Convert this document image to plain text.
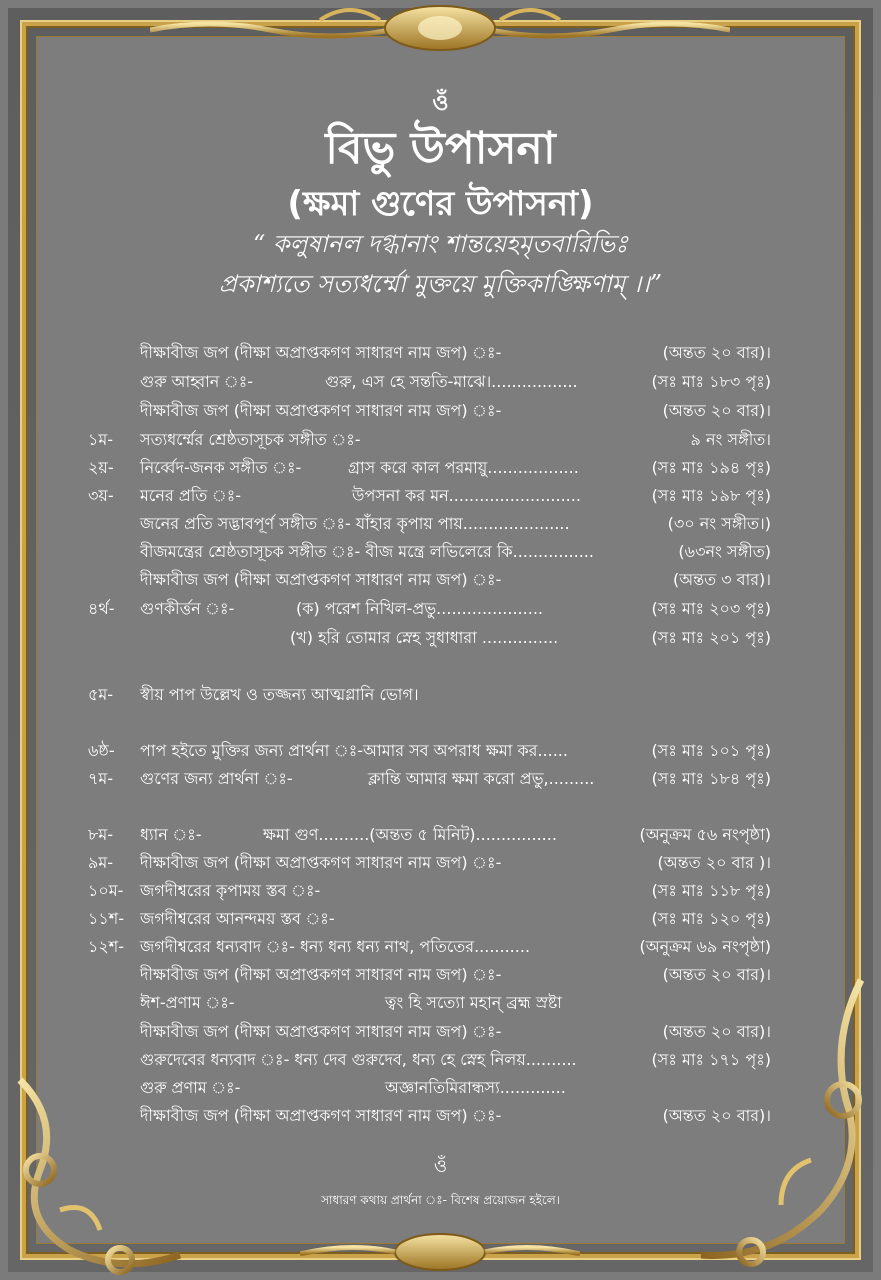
ওঁ
বিভু উপাসনা
(ক্ষমা গুণের উপাসনা)
“ কলুষানল দগ্ধানাং শান্তয়েহমৃতবারিভিঃ
প্রকাশ্যতে সত্যধর্ম্মো মুক্তয়ে মুক্তিকাঙ্ক্ষিণাম্ ।।”
দীক্ষাবীজ জপ (দীক্ষা অপ্রাপ্তকগণ সাধারণ নাম জপ) ঃ-	(অন্তত ২০ বার)।
গুরু আহ্বান ঃ-	গুরু, এস হে সন্ততি-মাঝে।.................	(সঃ মাঃ ১৮৩ পৃঃ)
দীক্ষাবীজ জপ (দীক্ষা অপ্রাপ্তকগণ সাধারণ নাম জপ) ঃ-	(অন্তত ২০ বার)।
১ম- সত্যধর্ম্মের শ্রেষ্ঠতাসূচক সঙ্গীত ঃ-	৯ নং সঙ্গীত।
২য়- নির্ব্বেদ-জনক সঙ্গীত ঃ-	গ্রাস করে কাল পরমায়ু..................	(সঃ মাঃ ১৯৪ পৃঃ)
৩য়- মনের প্রতি ঃ-	উপসনা কর মন..........................	(সঃ মাঃ ১৯৮ পৃঃ)
জনের প্রতি সদ্ভাবপূর্ণ সঙ্গীত ঃ- যাঁহার কৃপায় পায়.....................	(৩০ নং সঙ্গীত।)
বীজমন্ত্রের শ্রেষ্ঠতাসূচক সঙ্গীত ঃ- বীজ মন্ত্রে লভিলেরে কি................	(৬৩নং সঙ্গীত)
দীক্ষাবীজ জপ (দীক্ষা অপ্রাপ্তকগণ সাধারণ নাম জপ) ঃ-	(অন্তত ৩ বার)।
৪র্থ- গুণকীর্ত্তন ঃ-	(ক) পরেশ নিখিল-প্রভু.....................	(সঃ মাঃ ২০৩ পৃঃ)
(খ) হরি তোমার স্নেহ সুধাধারা ...............	(সঃ মাঃ ২০১ পৃঃ)
৫ম- স্বীয় পাপ উল্লেখ ও তজ্জন্য আত্মগ্লানি ভোগ।
৬ষ্ঠ- পাপ হইতে মুক্তির জন্য প্রার্থনা ঃ-আমার সব অপরাধ ক্ষমা কর......	(সঃ মাঃ ১০১ পৃঃ)
৭ম- গুণের জন্য প্রার্থনা ঃ-	ক্লান্তি আমার ক্ষমা করো প্রভু,.........	(সঃ মাঃ ১৮৪ পৃঃ)
৮ম- ধ্যান ঃ-	ক্ষমা গুণ..........(অন্তত ৫ মিনিট)................	(অনুক্রম ৫৬ নংপৃষ্ঠা)
৯ম- দীক্ষাবীজ জপ (দীক্ষা অপ্রাপ্তকগণ সাধারণ নাম জপ) ঃ-	(অন্তত ২০ বার )।
১০ম- জগদীশ্বরের কৃপাময় স্তব ঃ-	(সঃ মাঃ ১১৮ পৃঃ)
১১শ- জগদীশ্বরের আনন্দময় স্তব ঃ-	(সঃ মাঃ ১২০ পৃঃ)
১২শ- জগদীশ্বরের ধন্যবাদ ঃ- ধন্য ধন্য ধন্য নাথ, পতিতের...........	(অনুক্রম ৬৯ নংপৃষ্ঠা)
দীক্ষাবীজ জপ (দীক্ষা অপ্রাপ্তকগণ সাধারণ নাম জপ) ঃ-	(অন্তত ২০ বার)।
ঈশ-প্রণাম ঃ-	ত্বং হি সত্যো মহান্ ব্রহ্ম স্রষ্টা
দীক্ষাবীজ জপ (দীক্ষা অপ্রাপ্তকগণ সাধারণ নাম জপ) ঃ-	(অন্তত ২০ বার)।
গুরুদেবের ধন্যবাদ ঃ- ধন্য দেব গুরুদেব, ধন্য হে স্নেহ নিলয়..........	(সঃ মাঃ ১৭১ পৃঃ)
গুরু প্রণাম ঃ-	অজ্ঞানতিমিরান্ধস্য.............
দীক্ষাবীজ জপ (দীক্ষা অপ্রাপ্তকগণ সাধারণ নাম জপ) ঃ-	(অন্তত ২০ বার)।
ওঁ
সাধারণ কথায় প্রার্থনা ঃ- বিশেষ প্রয়োজন হইলে।
